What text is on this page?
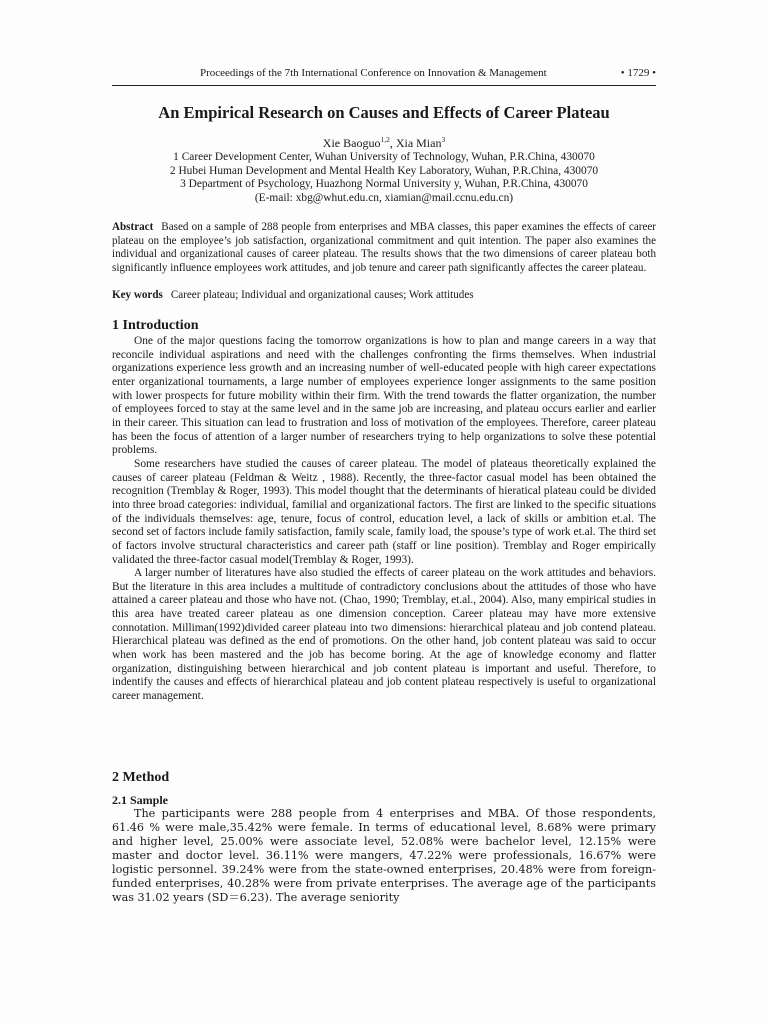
Proceedings of the 7th International Conference on Innovation & Management	• 1729 •
An Empirical Research on Causes and Effects of Career Plateau
Xie Baoguo$^{1,2}$, Xia Mian$^3$
1 Career Development Center, Wuhan University of Technology, Wuhan, P.R.China, 430070
2 Hubei Human Development and Mental Health Key Laboratory, Wuhan, P.R.China, 430070
3 Department of Psychology, Huazhong Normal University y, Wuhan, P.R.China, 430070
(E-mail: xbg@whut.edu.cn, xiamian@mail.ccnu.edu.cn)
Abstract Based on a sample of 288 people from enterprises and MBA classes, this paper examines the effects of career plateau on the employee’s job satisfaction, organizational commitment and quit intention. The paper also examines the individual and organizational causes of career plateau. The results shows that the two dimensions of career plateau both significantly influence employees work attitudes, and job tenure and career path significantly affectes the career plateau.
Key words Career plateau; Individual and organizational causes; Work attitudes
1 Introduction

One of the major questions facing the tomorrow organizations is how to plan and mange careers in a way that reconcile individual aspirations and need with the challenges confronting the firms themselves. When industrial organizations experience less growth and an increasing number of well-educated people with high career expectations enter organizational tournaments, a large number of employees experience longer assignments to the same position with lower prospects for future mobility within their firm. With the trend towards the flatter organization, the number of employees forced to stay at the same level and in the same job are increasing, and plateau occurs earlier and earlier in their career. This situation can lead to frustration and loss of motivation of the employees. Therefore, career plateau has been the focus of attention of a larger number of researchers trying to help organizations to solve these potential problems.

Some researchers have studied the causes of career plateau. The model of plateaus theoretically explained the causes of career plateau (Feldman & Weitz , 1988). Recently, the three-factor casual model has been obtained the recognition (Tremblay & Roger, 1993). This model thought that the determinants of hieratical plateau could be divided into three broad categories: individual, familial and organizational factors. The first are linked to the specific situations of the individuals themselves: age, tenure, focus of control, education level, a lack of skills or ambition et.al. The second set of factors include family satisfaction, family scale, family load, the spouse’s type of work et.al. The third set of factors involve structural characteristics and career path (staff or line position). Tremblay and Roger empirically validated the three-factor casual model(Tremblay & Roger, 1993).

A larger number of literatures have also studied the effects of career plateau on the work attitudes and behaviors. But the literature in this area includes a multitude of contradictory conclusions about the attitudes of those who have attained a career plateau and those who have not. (Chao, 1990; Tremblay, et.al., 2004). Also, many empirical studies in this area have treated career plateau as one dimension conception. Career plateau may have more extensive connotation. Milliman(1992)divided career plateau into two dimensions: hierarchical plateau and job contend plateau. Hierarchical plateau was defined as the end of promotions. On the other hand, job content plateau was said to occur when work has been mastered and the job has become boring. At the age of knowledge economy and flatter organization, distinguishing between hierarchical and job content plateau is important and useful. Therefore, to indentify the causes and effects of hierarchical plateau and job content plateau respectively is useful to organizational career management.

2 Method
2.1 Sample

The participants were 288 people from 4 enterprises and MBA. Of those respondents, 61.46 % were male,35.42% were female. In terms of educational level, 8.68% were primary and higher level, 25.00% were associate level, 52.08% were bachelor level, 12.15% were master and doctor level. 36.11% were mangers, 47.22% were professionals, 16.67% were logistic personnel. 39.24% were from the state-owned enterprises, 20.48% were from foreign-funded enterprises, 40.28% were from private enterprises. The average age of the participants was 31.02 years (SD＝6.23). The average seniority
